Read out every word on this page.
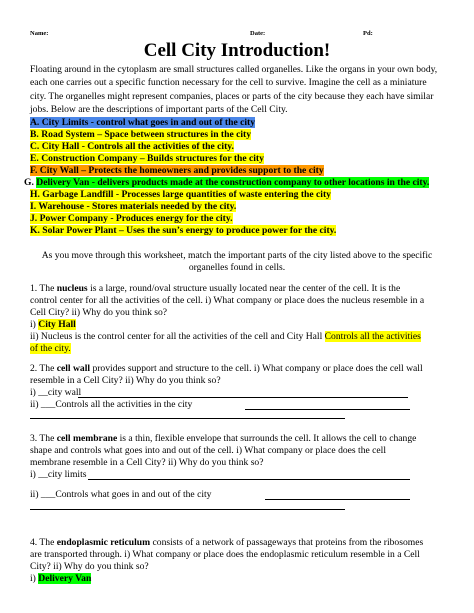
Name:	Date:	Pd:
Cell City Introduction!
Floating around in the cytoplasm are small structures called organelles. Like the organs in your own body, each one carries out a specific function necessary for the cell to survive. Imagine the cell as a miniature city. The organelles might represent companies, places or parts of the city because they each have similar jobs. Below are the descriptions of important parts of the Cell City.
A. City Limits - control what goes in and out of the city
B. Road System – Space between structures in the city
C. City Hall - Controls all the activities of the city.
E. Construction Company – Builds structures for the city
F. City Wall – Protects the homeowners and provides support to the city
G. Delivery Van - delivers products made at the construction company to other locations in the city.
H. Garbage Landfill - Processes large quantities of waste entering the city
I. Warehouse - Stores materials needed by the city.
J. Power Company - Produces energy for the city.
K. Solar Power Plant – Uses the sun’s energy to produce power for the city.
As you move through this worksheet, match the important parts of the city listed above to the specific
organelles found in cells.
1. The nucleus is a large, round/oval structure usually located near the center of the cell. It is the
control center for all the activities of the cell. i) What company or place does the nucleus resemble in a
Cell City? ii) Why do you think so?
i) City Hall
ii) Nucleus is the control center for all the activities of the cell and City Hall Controls all the activities
of the city.
2. The cell wall provides support and structure to the cell. i) What company or place does the cell wall
resemble in a Cell City? ii) Why do you think so?
i) __city wall
ii) ___Controls all the activities in the city
3. The cell membrane is a thin, flexible envelope that surrounds the cell. It allows the cell to change
shape and controls what goes into and out of the cell. i) What company or place does the cell
membrane resemble in a Cell City? ii) Why do you think so?
i) __city limits
ii) ___Controls what goes in and out of the city
4. The endoplasmic reticulum consists of a network of passageways that proteins from the ribosomes
are transported through. i) What company or place does the endoplasmic reticulum resemble in a Cell
City? ii) Why do you think so?
i) Delivery Van
